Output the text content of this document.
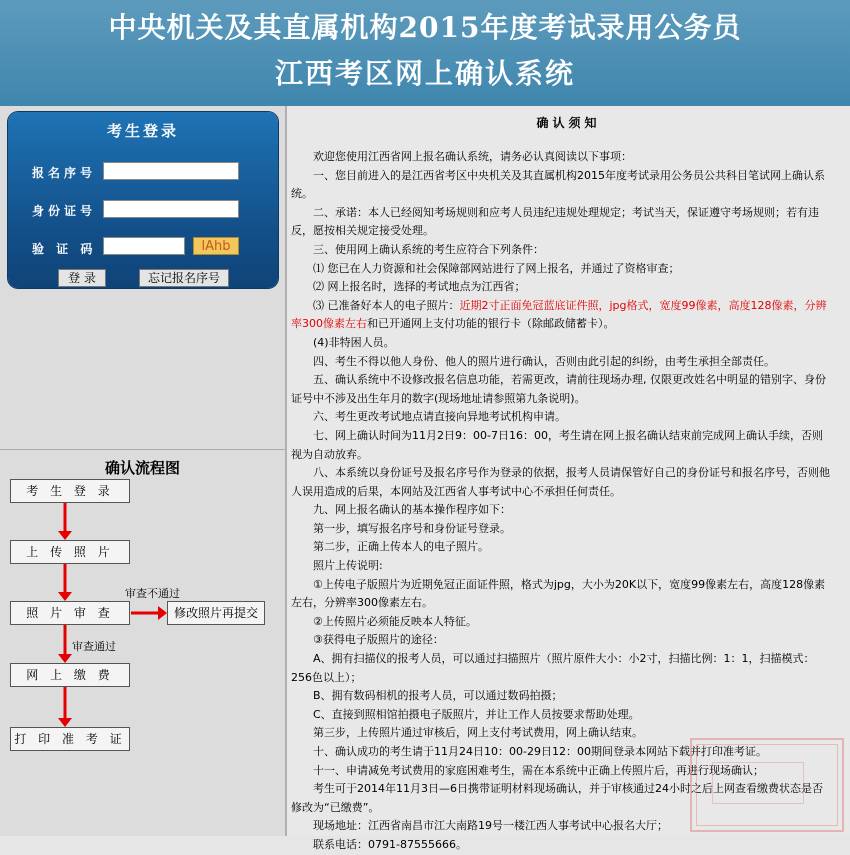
中央机关及其直属机构2015年度考试录用公务员
江西考区网上确认系统
考生登录
报名序号
身份证号
验 证 码	lAhb
登 录	忘记报名序号
确认流程图
考 生 登 录
上 传 照 片
照 片 审 查
网 上 缴 费
打 印 准 考 证
修改照片再提交
审查不通过
审查通过
确认须知

欢迎您使用江西省网上报名确认系统，请务必认真阅读以下事项：

一、您目前进入的是江西省考区中央机关及其直属机构2015年度考试录用公务员公共科目笔试网上确认系统。

二、承诺：本人已经阅知考场规则和应考人员违纪违规处理规定；考试当天，保证遵守考场规则；若有违反，愿按相关规定接受处理。

三、使用网上确认系统的考生应符合下列条件：

⑴ 您已在人力资源和社会保障部网站进行了网上报名，并通过了资格审查；

⑵ 网上报名时，选择的考试地点为江西省；

⑶ 已准备好本人的电子照片：近期2寸正面免冠蓝底证件照，jpg格式，宽度99像素，高度128像素，分辨率300像素左右和已开通网上支付功能的银行卡（除邮政储蓄卡）。

(4)非特困人员。

四、考生不得以他人身份、他人的照片进行确认，否则由此引起的纠纷，由考生承担全部责任。

五、确认系统中不设修改报名信息功能，若需更改，请前往现场办理, 仅限更改姓名中明显的错别字、身份证号中不涉及出生年月的数字(现场地址请参照第九条说明)。

六、考生更改考试地点请直接向异地考试机构申请。

七、网上确认时间为11月2日9：00-7日16：00，考生请在网上报名确认结束前完成网上确认手续，否则视为自动放弃。

八、本系统以身份证号及报名序号作为登录的依据，报考人员请保管好自己的身份证号和报名序号，否则他人误用造成的后果，本网站及江西省人事考试中心不承担任何责任。

九、网上报名确认的基本操作程序如下：

第一步，填写报名序号和身份证号登录。

第二步，正确上传本人的电子照片。

照片上传说明:

①上传电子版照片为近期免冠正面证件照，格式为jpg，大小为20K以下，宽度99像素左右，高度128像素左右，分辨率300像素左右。

②上传照片必须能反映本人特征。

③获得电子版照片的途径：

A、拥有扫描仪的报考人员，可以通过扫描照片（照片原件大小：小2寸，扫描比例：1：1，扫描模式：256色以上）；

B、拥有数码相机的报考人员，可以通过数码拍摄；

C、直接到照相馆拍摄电子版照片，并让工作人员按要求帮助处理。

第三步，上传照片通过审核后，网上支付考试费用，网上确认结束。

十、确认成功的考生请于11月24日10：00-29日12：00期间登录本网站下载并打印准考证。

十一、申请减免考试费用的家庭困难考生，需在本系统中正确上传照片后，再进行现场确认；

考生可于2014年11月3日—6日携带证明材料现场确认，并于审核通过24小时之后上网查看缴费状态是否修改为“已缴费”。

现场地址：江西省南昌市江大南路19号一楼江西人事考试中心报名大厅；

联系电话：0791-87555666。
